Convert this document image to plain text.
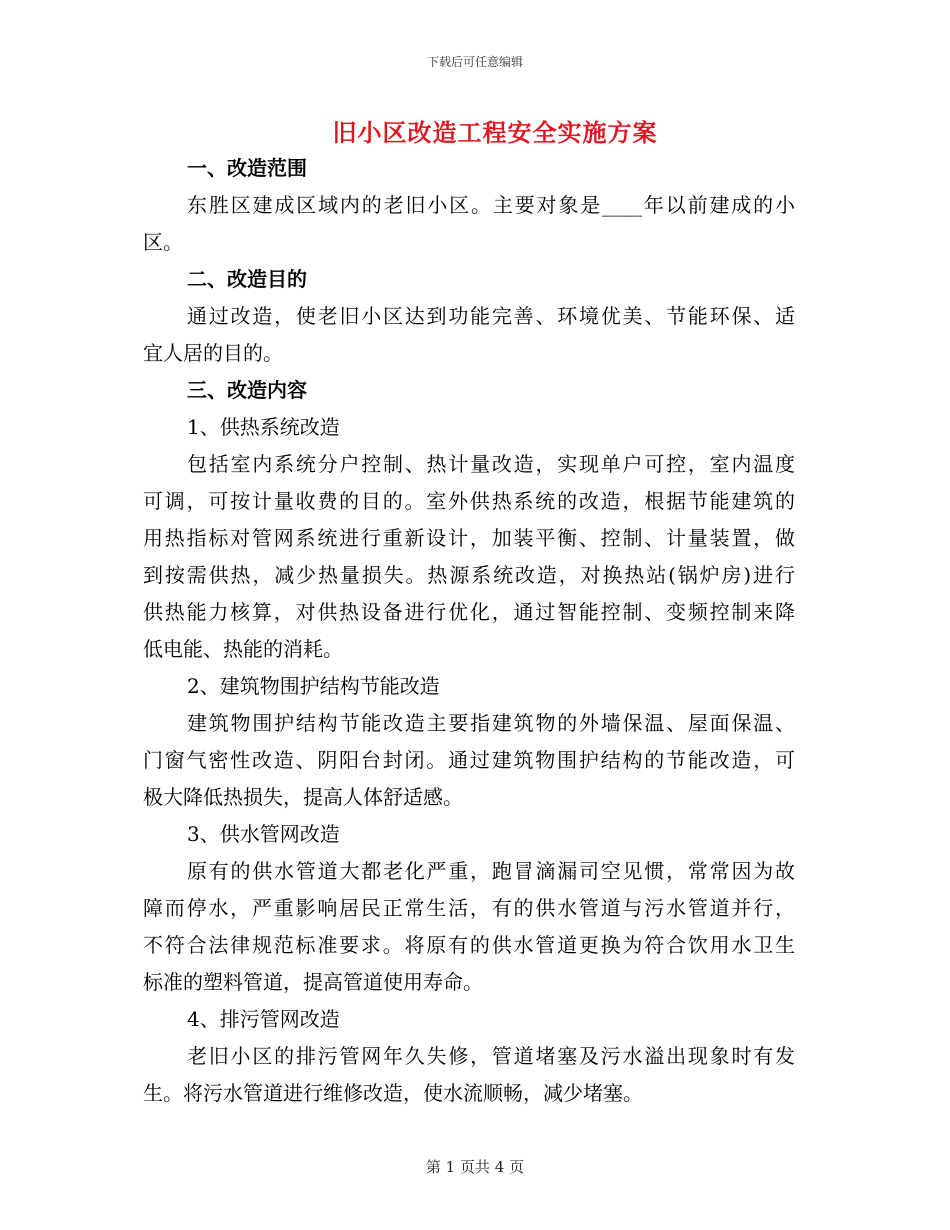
下载后可任意编辑
旧小区改造工程安全实施方案
一、改造范围
东胜区建成区域内的老旧小区。主要对象是____年以前建成的小
区。
二、改造目的
通过改造，使老旧小区达到功能完善、环境优美、节能环保、适
宜人居的目的。
三、改造内容
1、供热系统改造
包括室内系统分户控制、热计量改造，实现单户可控，室内温度
可调，可按计量收费的目的。室外供热系统的改造，根据节能建筑的
用热指标对管网系统进行重新设计，加装平衡、控制、计量装置，做
到按需供热，减少热量损失。热源系统改造，对换热站(锅炉房)进行
供热能力核算，对供热设备进行优化，通过智能控制、变频控制来降
低电能、热能的消耗。
2、建筑物围护结构节能改造
建筑物围护结构节能改造主要指建筑物的外墙保温、屋面保温、
门窗气密性改造、阴阳台封闭。通过建筑物围护结构的节能改造，可
极大降低热损失，提高人体舒适感。
3、供水管网改造
原有的供水管道大都老化严重，跑冒滴漏司空见惯，常常因为故
障而停水，严重影响居民正常生活，有的供水管道与污水管道并行，
不符合法律规范标准要求。将原有的供水管道更换为符合饮用水卫生
标准的塑料管道，提高管道使用寿命。
4、排污管网改造
老旧小区的排污管网年久失修，管道堵塞及污水溢出现象时有发
生。将污水管道进行维修改造，使水流顺畅，减少堵塞。
第 1 页共 4 页
